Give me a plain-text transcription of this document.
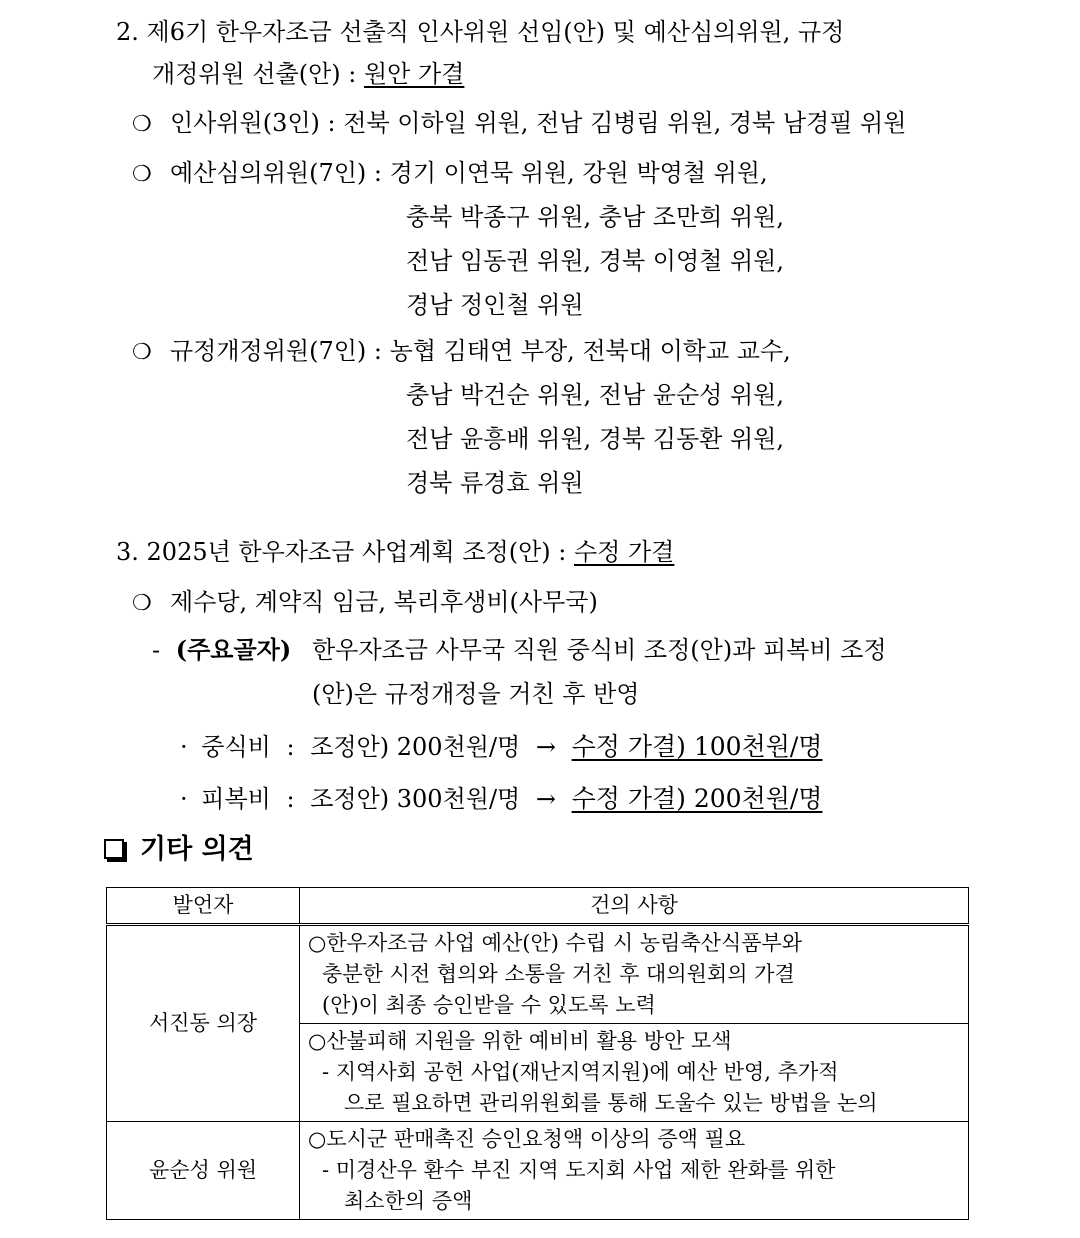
2. 제6기 한우자조금 선출직 인사위원 선임(안) 및 예산심의위원, 규정
개정위원 선출(안) : 원안 가결
❍ 인사위원(3인) : 전북 이하일 위원, 전남 김병림 위원, 경북 남경필 위원
❍ 예산심의위원(7인) : 경기 이연묵 위원, 강원 박영철 위원,
충북 박종구 위원, 충남 조만희 위원,
전남 임동권 위원, 경북 이영철 위원,
경남 정인철 위원
❍ 규정개정위원(7인) : 농협 김태연 부장, 전북대 이학교 교수,
충남 박건순 위원, 전남 윤순성 위원,
전남 윤흥배 위원, 경북 김동환 위원,
경북 류경효 위원
3. 2025년 한우자조금 사업계획 조정(안) : 수정 가결
❍ 제수당, 계약직 임금, 복리후생비(사무국)
- (주요골자) 한우자조금 사무국 직원 중식비 조정(안)과 피복비 조정
(안)은 규정개정을 거친 후 반영
· 중식비 : 조정안) 200천원/명 → 수정 가결) 100천원/명
· 피복비 : 조정안) 300천원/명 → 수정 가결) 200천원/명
기타 의견
발언자	건의 사항
서진동 의장	○한우자조금 사업 예산(안) 수립 시 농림축산식품부와
충분한 시전 협의와 소통을 거친 후 대의원회의 가결
(안)이 최종 승인받을 수 있도록 노력

	○산불피해 지원을 위한 예비비 활용 방안 모색
- 지역사회 공헌 사업(재난지역지원)에 예산 반영, 추가적
으로 필요하면 관리위원회를 통해 도울수 있는 방법을 논의

윤순성 위원	○도시군 판매촉진 승인요청액 이상의 증액 필요
- 미경산우 환수 부진 지역 도지회 사업 제한 완화를 위한
최소한의 증액
